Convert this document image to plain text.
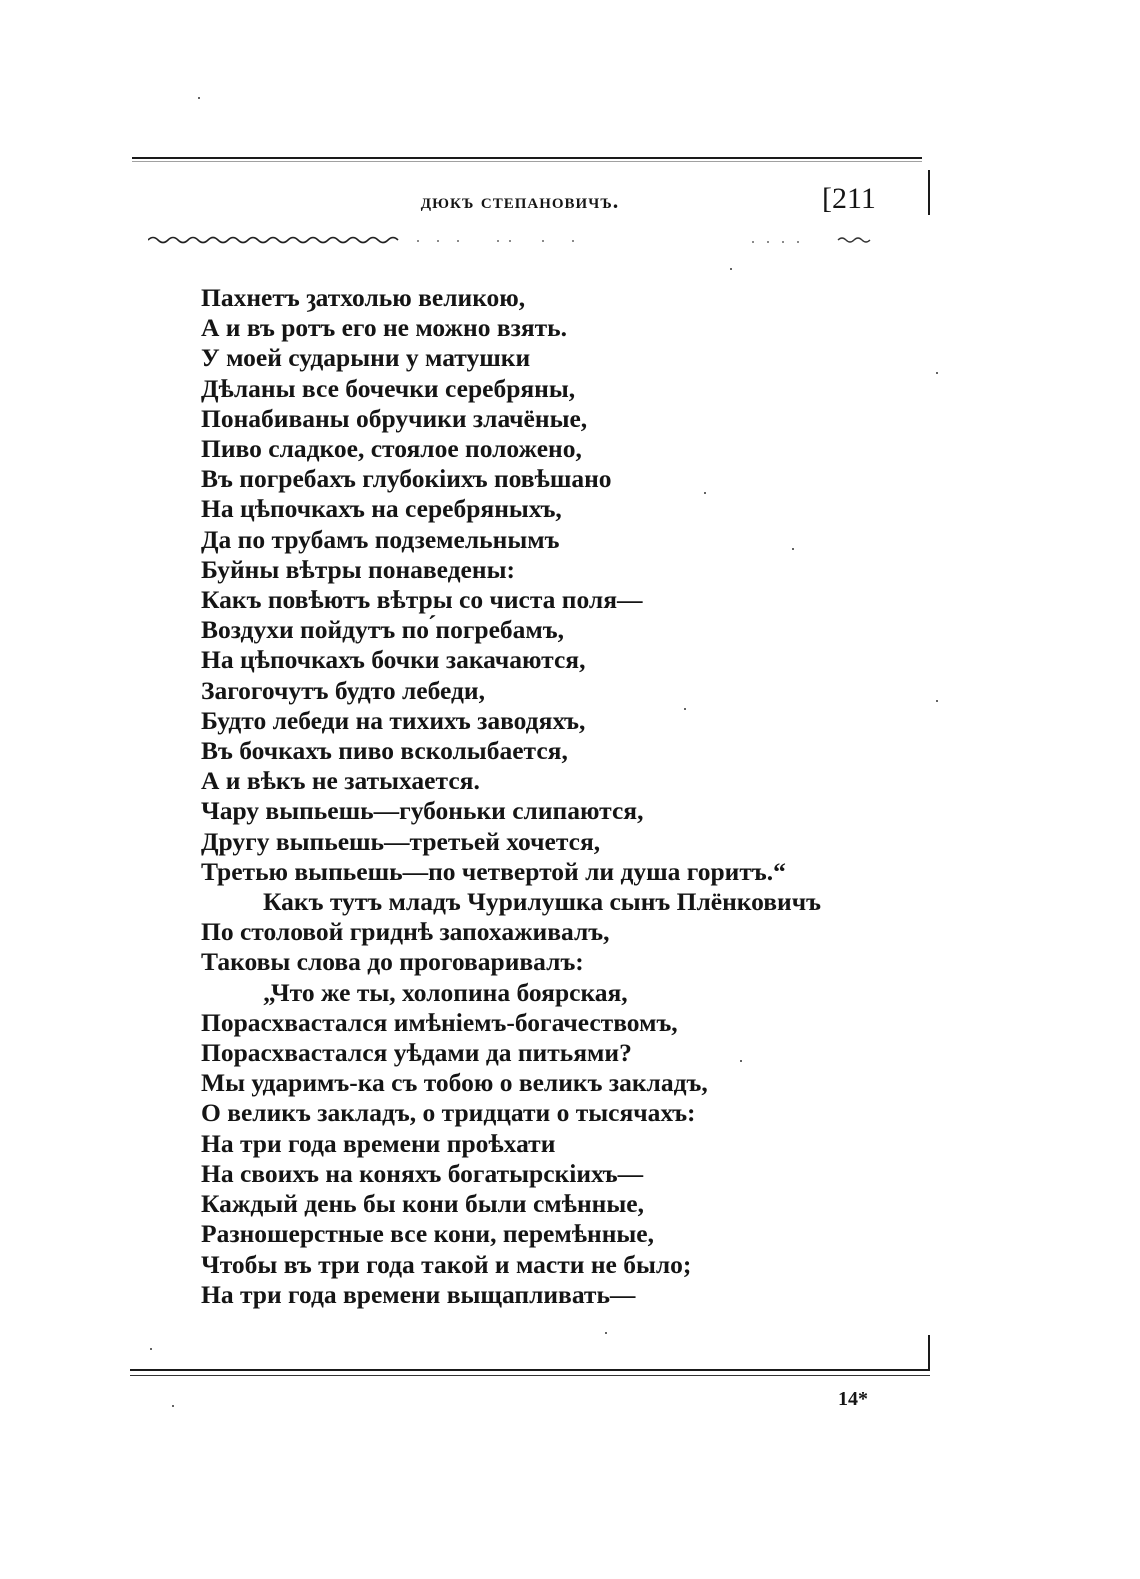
дюкъ степановичъ.	[211
Пахнетъ ȝатхолью великою,
А и въ ротъ его не можно взять.
У моей сударыни у матушки
Дѣланы все бочечки серебряны,
Понабиваны обручики злачёные,
Пиво сладкое, стоялое положено,
Въ погребахъ глубокіихъ повѣшано
На цѣпочкахъ на серебряныхъ,
Да по трубамъ подземельнымъ
Буйны вѣтры понаведены:
Какъ повѣютъ вѣтры со чиста поля—
Воздухи пойдутъ по ́погребамъ,
На цѣпочкахъ бочки закачаются,
Загогочутъ будто лебеди,
Будто лебеди на тихихъ заводяхъ,
Въ бочкахъ пиво всколыбается,
А и вѣкъ не затыхается.
Чару выпьешь—губоньки слипаются,
Другу выпьешь—третьей хочется,
Третью выпьешь—по четвертой ли душа горитъ.“
Какъ тутъ младъ Чурилушка сынъ Плёнковичъ
По столовой гриднѣ запохаживалъ,
Таковы слова до проговаривалъ:
„Что же ты, холопина боярская,
Порасхвастался имѣніемъ-богачествомъ,
Порасхвастался уѣдами да питьями?
Мы ударимъ-ка съ тобою о великъ закладъ,
О великъ закладъ, о тридцати о тысячахъ:
На три года времени проѣхати
На своихъ на коняхъ богатырскіихъ—
Каждый день бы кони были смѣнные,
Разношерстные все кони, перемѣнные,
Чтобы въ три года такой и масти не было;
На три года времени выщапливать—
14*
